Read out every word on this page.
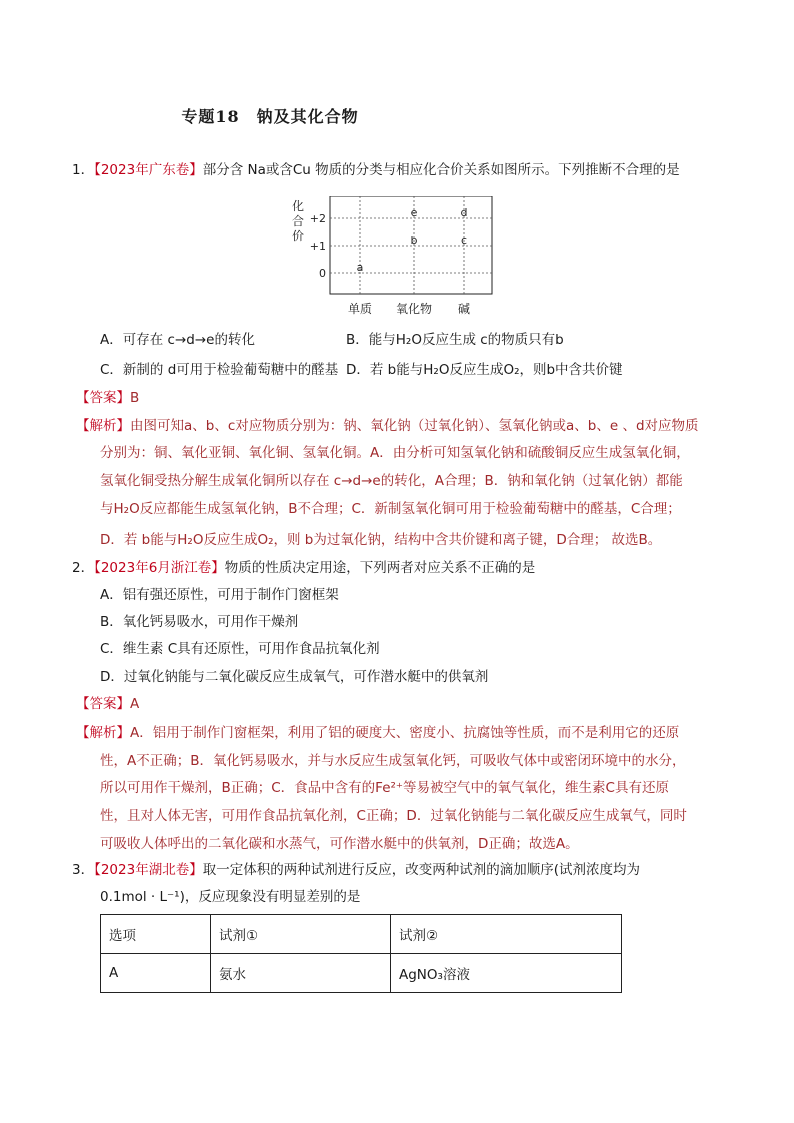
专题18　钠及其化合物
1．【2023年广东卷】部分含 Na或含Cu 物质的分类与相应化合价关系如图所示。下列推断不合理的是
化
合
价
+2
+1
0
单质 氧化物 碱
a
e
b
d
c
A．可存在 c→d→e的转化	B．能与H₂O反应生成 c的物质只有b
C．新制的 d可用于检验葡萄糖中的醛基 D．若 b能与H₂O反应生成O₂，则b中含共价键
【答案】B
【解析】由图可知a、b、c对应物质分别为：钠、氧化钠（过氧化钠）、氢氧化钠或a、b、e 、d对应物质
分别为：铜、氧化亚铜、氧化铜、氢氧化铜。A．由分析可知氢氧化钠和硫酸铜反应生成氢氧化铜，
氢氧化铜受热分解生成氧化铜所以存在 c→d→e的转化，A合理；B．钠和氧化钠（过氧化钠）都能
与H₂O反应都能生成氢氧化钠，B不合理；C．新制氢氧化铜可用于检验葡萄糖中的醛基，C合理；
D．若 b能与H₂O反应生成O₂，则 b为过氧化钠，结构中含共价键和离子键，D合理； 故选B。
2．【2023年6月浙江卷】物质的性质决定用途，下列两者对应关系不正确的是
A．铝有强还原性，可用于制作门窗框架
B．氧化钙易吸水，可用作干燥剂
C．维生素 C具有还原性，可用作食品抗氧化剂
D．过氧化钠能与二氧化碳反应生成氧气，可作潜水艇中的供氧剂
【答案】A
【解析】A．铝用于制作门窗框架，利用了铝的硬度大、密度小、抗腐蚀等性质，而不是利用它的还原
性，A不正确；B．氧化钙易吸水，并与水反应生成氢氧化钙，可吸收气体中或密闭环境中的水分，
所以可用作干燥剂，B正确；C．食品中含有的Fe²⁺等易被空气中的氧气氧化，维生素C具有还原
性，且对人体无害，可用作食品抗氧化剂，C正确；D．过氧化钠能与二氧化碳反应生成氧气，同时
可吸收人体呼出的二氧化碳和水蒸气，可作潜水艇中的供氧剂，D正确；故选A。
3．【2023年湖北卷】取一定体积的两种试剂进行反应，改变两种试剂的滴加顺序(试剂浓度均为
0.1mol · L⁻¹)，反应现象没有明显差别的是
选项	试剂①	试剂②
A	氨水	AgNO₃溶液
